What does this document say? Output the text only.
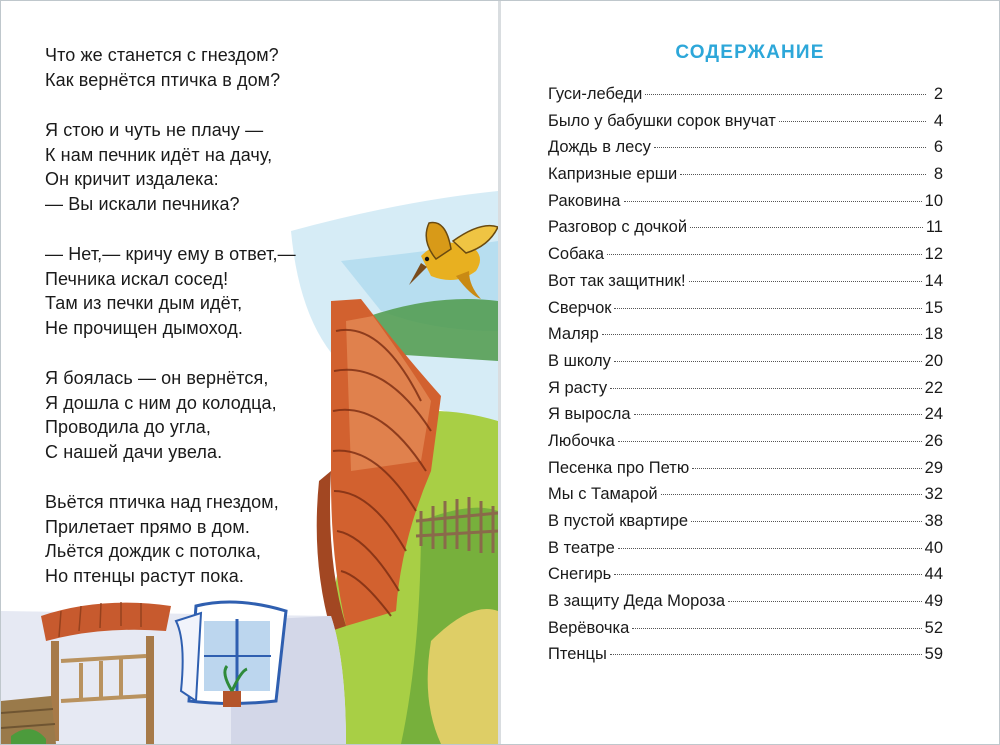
Что же станется с гнездом?
Как вернётся птичка в дом?
Я стою и чуть не плачу —
К нам печник идёт на дачу,
Он кричит издалека:
— Вы искали печника?
— Нет,— кричу ему в ответ,—
Печника искал сосед!
Там из печки дым идёт,
Не прочищен дымоход.
Я боялась — он вернётся,
Я дошла с ним до колодца,
Проводила до угла,
С нашей дачи увела.
Вьётся птичка над гнездом,
Прилетает прямо в дом.
Льётся дождик с потолка,
Но птенцы растут пока.
СОДЕРЖАНИЕ
Гуси-лебеди	2
Было у бабушки сорок внучат	4
Дождь в лесу	6
Капризные ерши	8
Раковина	10
Разговор с дочкой	11
Собака	12
Вот так защитник!	14
Сверчок	15
Маляр	18
В школу	20
Я расту	22
Я выросла	24
Любочка	26
Песенка про Петю	29
Мы с Тамарой	32
В пустой квартире	38
В театре	40
Снегирь	44
В защиту Деда Мороза	49
Верёвочка	52
Птенцы	59
